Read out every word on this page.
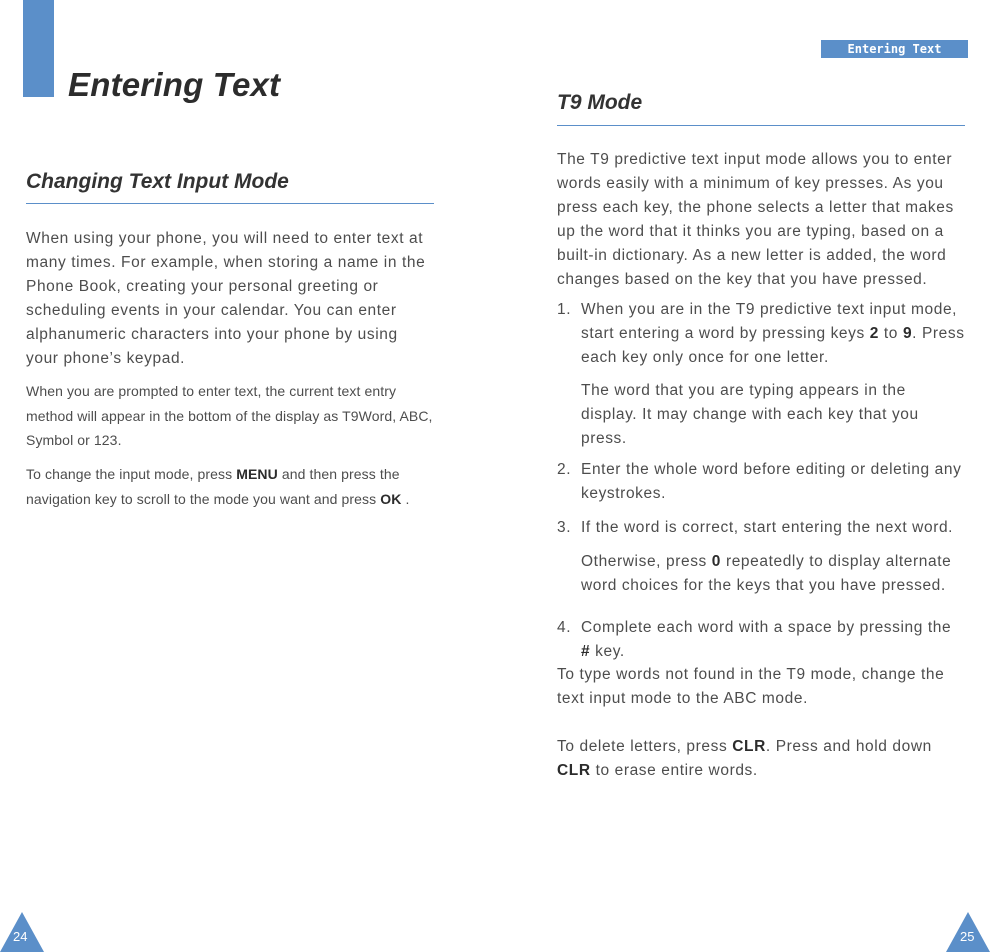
Entering Text
Changing Text Input Mode
When using your phone, you will need to enter text at many times. For example, when storing a name in the Phone Book, creating your personal greeting or scheduling events in your calendar. You can enter alphanumeric characters into your phone by using your phone’s keypad.
When you are prompted to enter text, the current text entry method will appear in the bottom of the display as T9Word, ABC, Symbol or 123.
To change the input mode, press MENU and then press the navigation key to scroll to the mode you want and press OK .
24
Entering Text
T9 Mode
The T9 predictive text input mode allows you to enter words easily with a minimum of key presses. As you press each key, the phone selects a letter that makes up the word that it thinks you are typing, based on a built-in dictionary. As a new letter is added, the word changes based on the key that you have pressed.
1. When you are in the T9 predictive text input mode, start entering a word by pressing keys 2 to 9. Press each key only once for one letter.
The word that you are typing appears in the display. It may change with each key that you press.
2. Enter the whole word before editing or deleting any keystrokes.
3. If the word is correct, start entering the next word.
Otherwise, press 0 repeatedly to display alternate word choices for the keys that you have pressed.
4. Complete each word with a space by pressing the # key.
To type words not found in the T9 mode, change the text input mode to the ABC mode.
To delete letters, press CLR. Press and hold down CLR to erase entire words.
25
